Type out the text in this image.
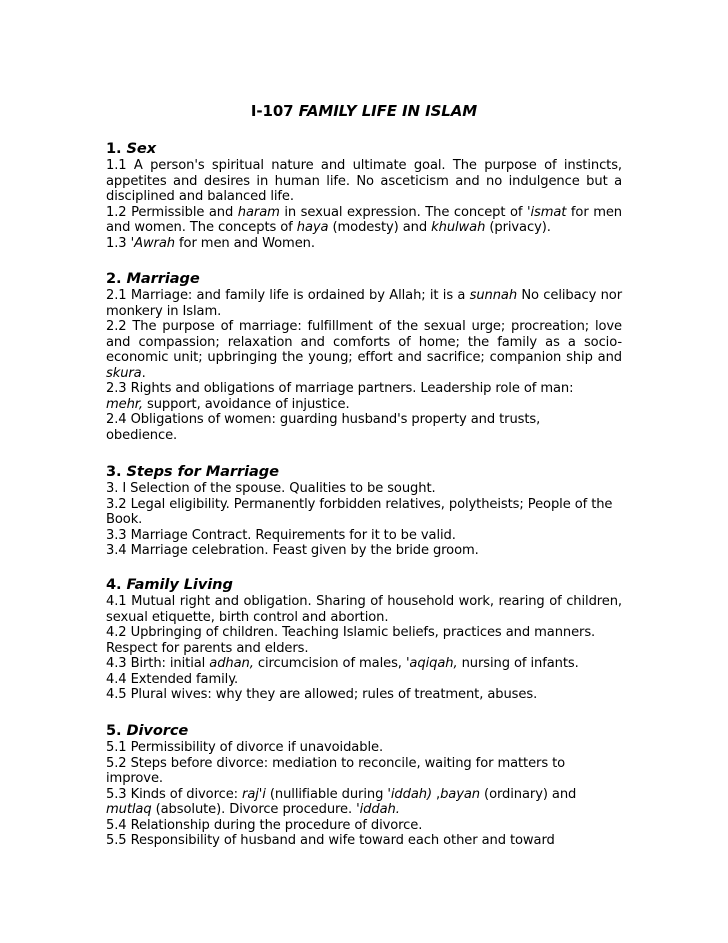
I-107 FAMILY LIFE IN ISLAM
1. Sex

1.1 A person's spiritual nature and ultimate goal. The purpose of instincts, appetites and desires in human life. No asceticism and no indulgence but a disciplined and balanced life.

1.2 Permissible and haram in sexual expression. The concept of 'ismat for men and women. The concepts of haya (modesty) and khulwah (privacy).

1.3 'Awrah for men and Women.

2. Marriage

2.1 Marriage: and family life is ordained by Allah; it is a sunnah No celibacy nor monkery in Islam.

2.2 The purpose of marriage: fulfillment of the sexual urge; procreation; love and compassion; relaxation and comforts of home; the family as a socio-economic unit; upbringing the young; effort and sacrifice; companion ship and skura.

2.3 Rights and obligations of marriage partners. Leadership role of man:
mehr, support, avoidance of injustice.

2.4 Obligations of women: guarding husband's property and trusts,
obedience.

3. Steps for Marriage

3. I Selection of the spouse. Qualities to be sought.

3.2 Legal eligibility. Permanently forbidden relatives, polytheists; People of the Book.

3.3 Marriage Contract. Requirements for it to be valid.

3.4 Marriage celebration. Feast given by the bride groom.

4. Family Living

4.1 Mutual right and obligation. Sharing of household work, rearing of children, sexual etiquette, birth control and abortion.

4.2 Upbringing of children. Teaching Islamic beliefs, practices and manners.
Respect for parents and elders.

4.3 Birth: initial adhan, circumcision of males, 'aqiqah, nursing of infants.

4.4 Extended family.

4.5 Plural wives: why they are allowed; rules of treatment, abuses.

5. Divorce

5.1 Permissibility of divorce if unavoidable.

5.2 Steps before divorce: mediation to reconcile, waiting for matters to
improve.

5.3 Kinds of divorce: raj'i (nullifiable during 'iddah) ,bayan (ordinary) and
mutlaq (absolute). Divorce procedure. 'iddah.

5.4 Relationship during the procedure of divorce.

5.5 Responsibility of husband and wife toward each other and toward
